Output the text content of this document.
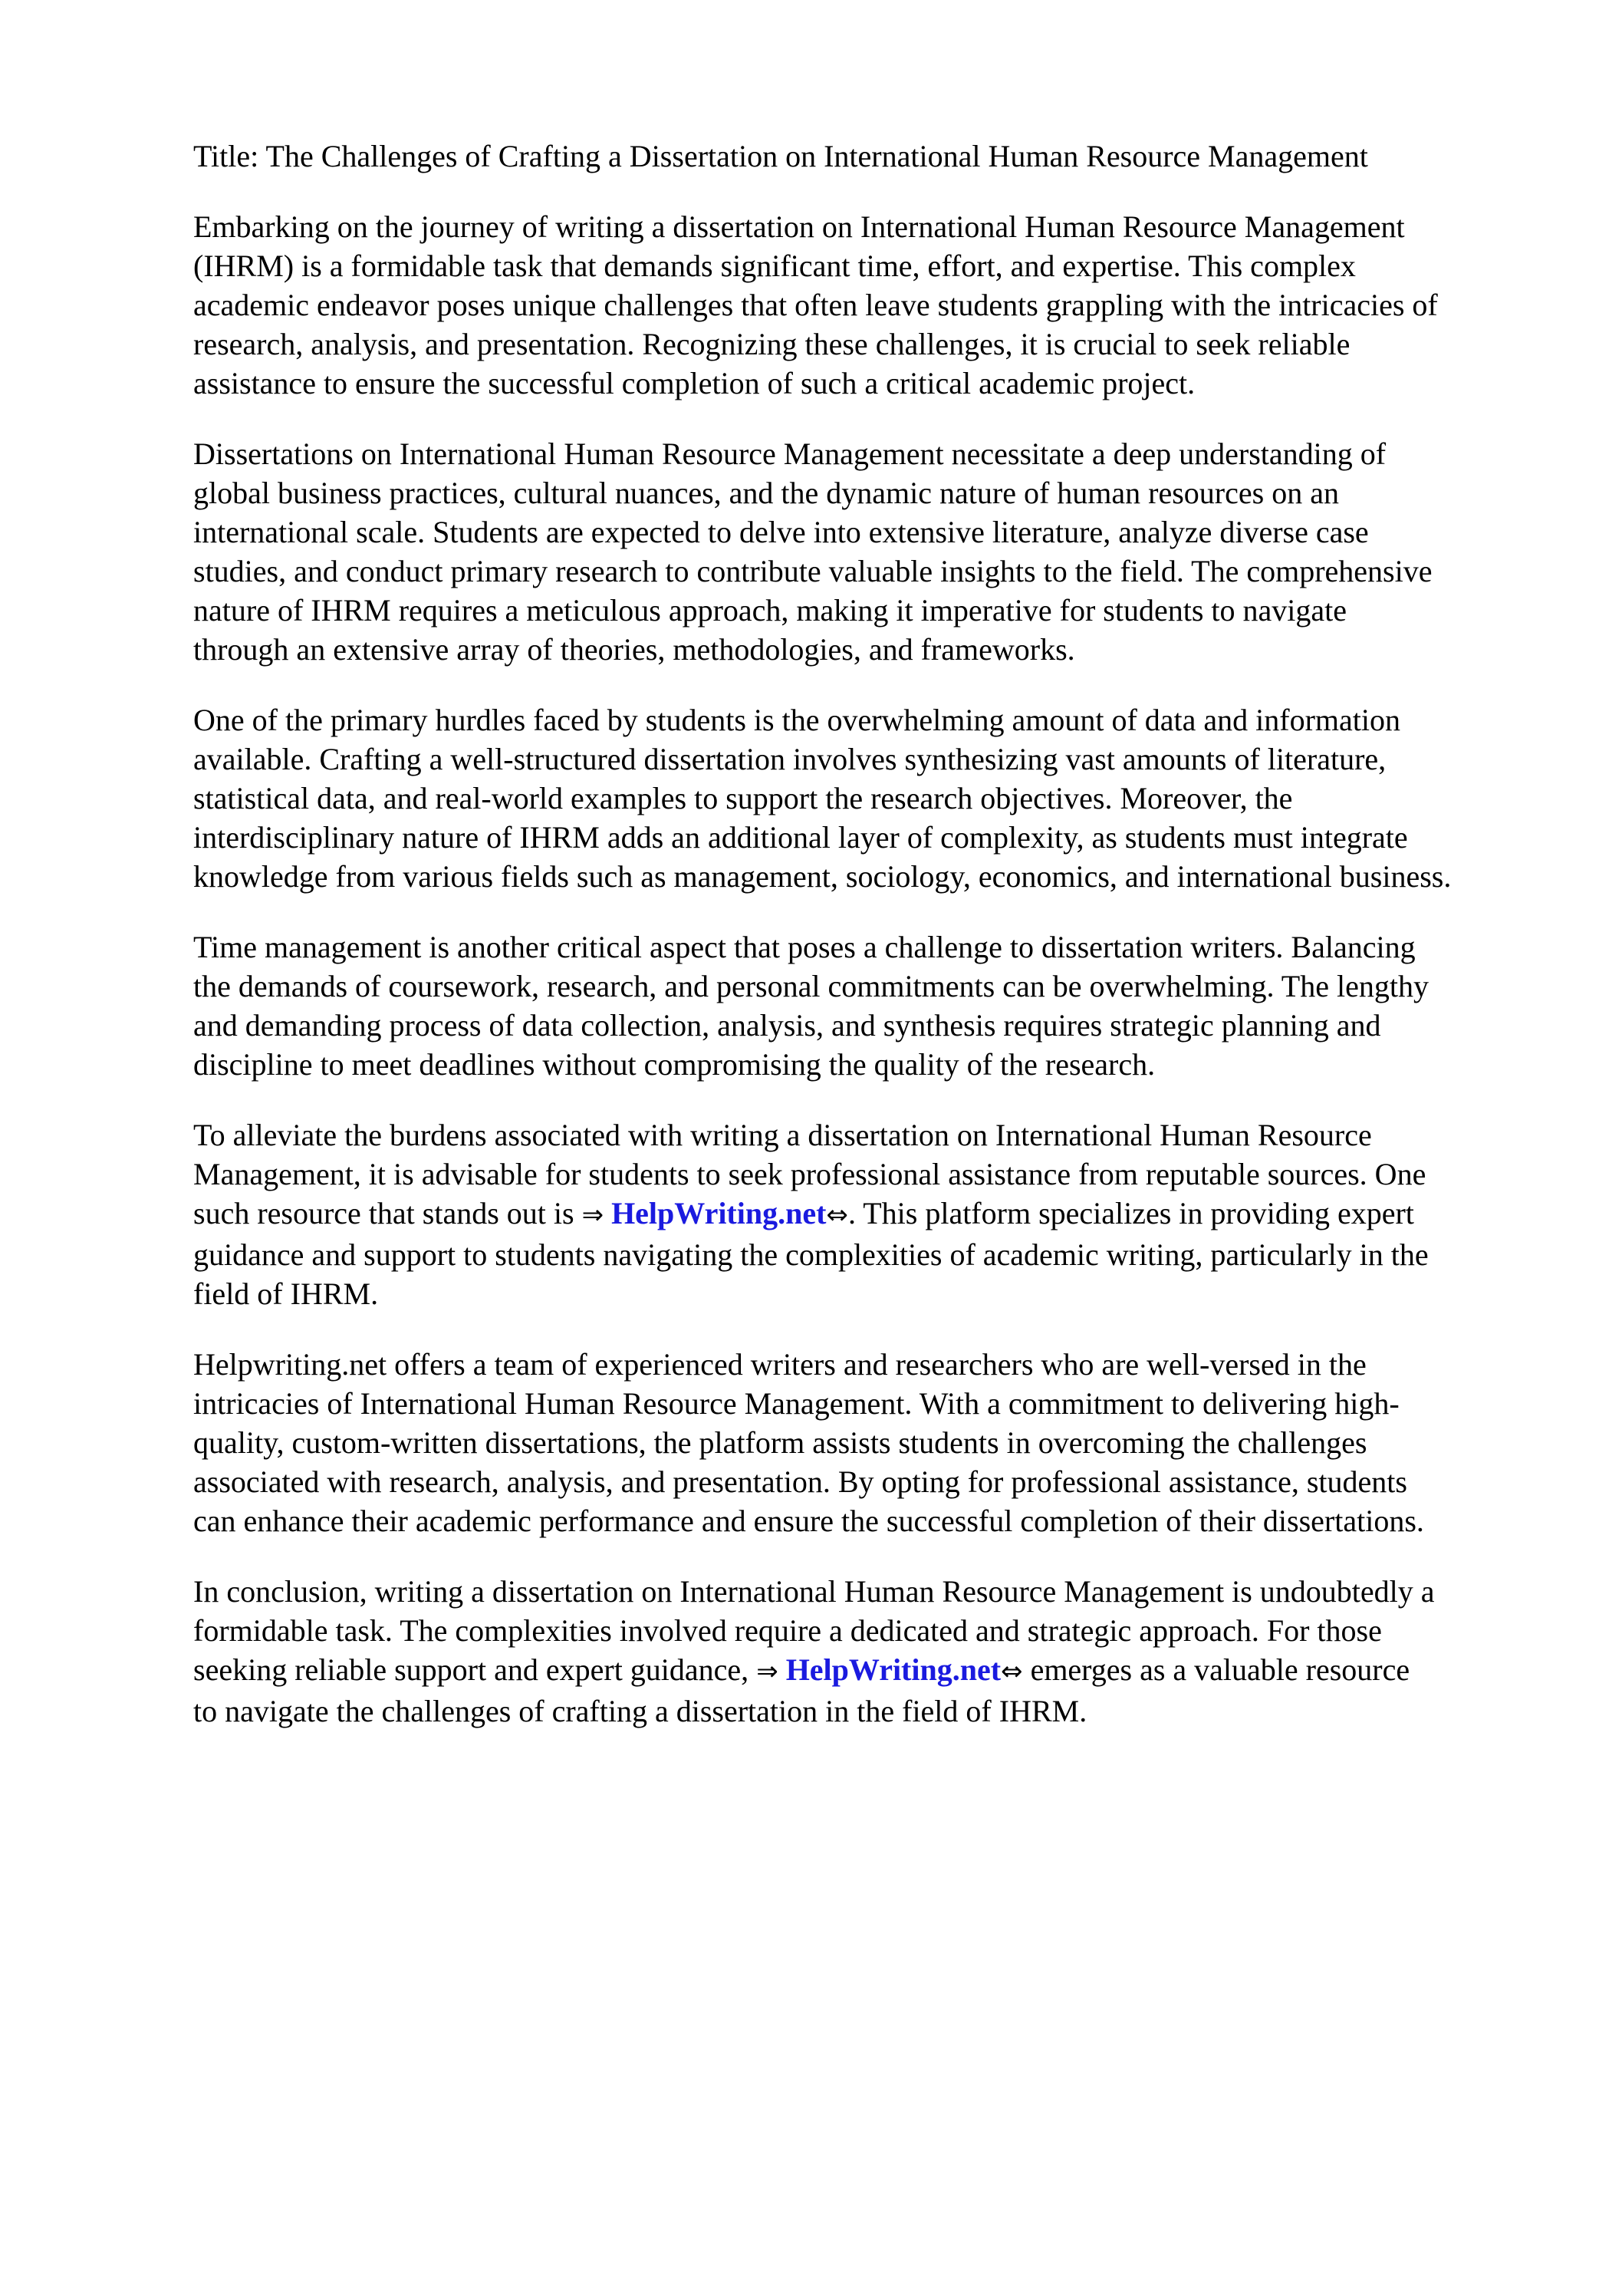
Title: The Challenges of Crafting a Dissertation on International Human Resource Management

Embarking on the journey of writing a dissertation on International Human Resource Management
(IHRM) is a formidable task that demands significant time, effort, and expertise. This complex
academic endeavor poses unique challenges that often leave students grappling with the intricacies of
research, analysis, and presentation. Recognizing these challenges, it is crucial to seek reliable
assistance to ensure the successful completion of such a critical academic project.

Dissertations on International Human Resource Management necessitate a deep understanding of
global business practices, cultural nuances, and the dynamic nature of human resources on an
international scale. Students are expected to delve into extensive literature, analyze diverse case
studies, and conduct primary research to contribute valuable insights to the field. The comprehensive
nature of IHRM requires a meticulous approach, making it imperative for students to navigate
through an extensive array of theories, methodologies, and frameworks.

One of the primary hurdles faced by students is the overwhelming amount of data and information
available. Crafting a well-structured dissertation involves synthesizing vast amounts of literature,
statistical data, and real-world examples to support the research objectives. Moreover, the
interdisciplinary nature of IHRM adds an additional layer of complexity, as students must integrate
knowledge from various fields such as management, sociology, economics, and international business.

Time management is another critical aspect that poses a challenge to dissertation writers. Balancing
the demands of coursework, research, and personal commitments can be overwhelming. The lengthy
and demanding process of data collection, analysis, and synthesis requires strategic planning and
discipline to meet deadlines without compromising the quality of the research.

To alleviate the burdens associated with writing a dissertation on International Human Resource
Management, it is advisable for students to seek professional assistance from reputable sources. One
such resource that stands out is ⇒ HelpWriting.net⇔. This platform specializes in providing expert
guidance and support to students navigating the complexities of academic writing, particularly in the
field of IHRM.

Helpwriting.net offers a team of experienced writers and researchers who are well-versed in the
intricacies of International Human Resource Management. With a commitment to delivering high-
quality, custom-written dissertations, the platform assists students in overcoming the challenges
associated with research, analysis, and presentation. By opting for professional assistance, students
can enhance their academic performance and ensure the successful completion of their dissertations.

In conclusion, writing a dissertation on International Human Resource Management is undoubtedly a
formidable task. The complexities involved require a dedicated and strategic approach. For those
seeking reliable support and expert guidance, ⇒ HelpWriting.net⇔ emerges as a valuable resource
to navigate the challenges of crafting a dissertation in the field of IHRM.
